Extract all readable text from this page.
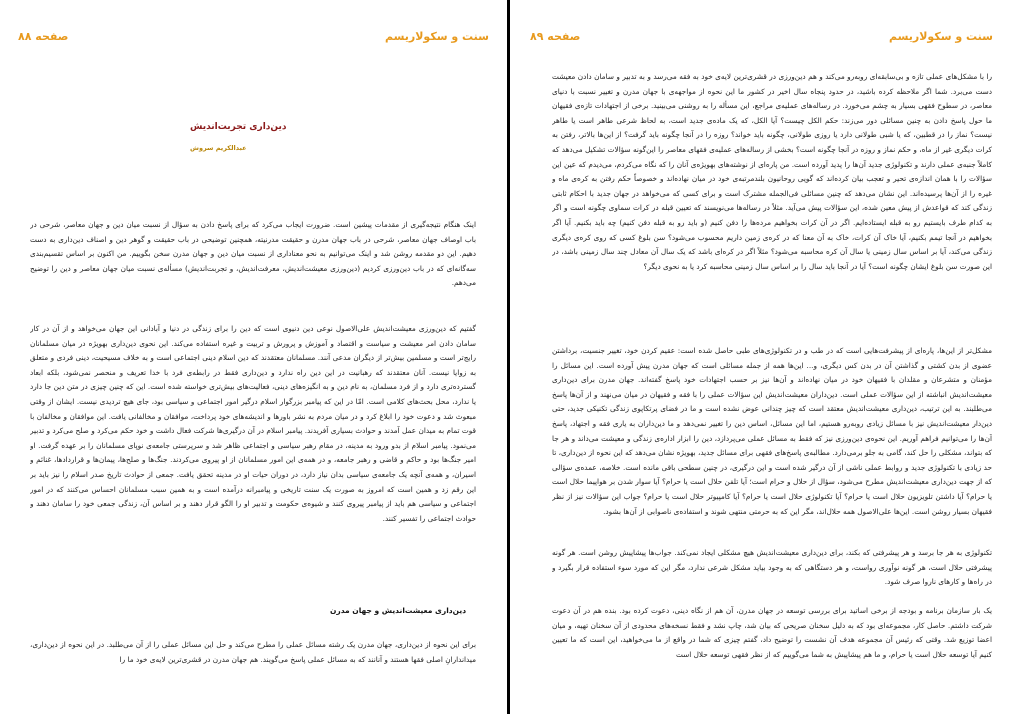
سنت و سکولاریسم
صفحه ۸۸
دین‌داری تجربت‌اندیش
عبدالکریم سروش

اینک هنگام نتیجه‌گیری از مقدمات پیشین است. ضرورت ایجاب می‌کرد که برای پاسخ دادن به سؤال از نسبت میان دین و جهان معاصر، شرحی در باب اوصاف جهان معاصر، شرحی در باب جهان مدرن و حقیقت مدرنیته، همچنین توضیحی در باب حقیقت و گوهر دین و اصناف دین‌داری به دست دهیم. این دو مقدمه روشن شد و اینک می‌توانیم به نحو معناداری از نسبت میان دین و جهان مدرن سخن بگوییم. من اکنون بر اساس تقسیم‌بندی سه‌گانه‌ای که در باب دین‌ورزی کردیم (دین‌ورزی معیشت‌اندیش، معرفت‌اندیش، و تجربت‌اندیش) مسأله‌ی نسبت میان جهان معاصر و دین را توضیح می‌دهم.

گفتیم که دین‌ورزی معیشت‌اندیش علی‌الاصول نوعی دین دنیوی است که دین را برای زندگی در دنیا و آبادانی این جهان می‌خواهد و از آن در کار سامان دادن امر معیشت و سیاست و اقتصاد و آموزش و پرورش و تربیت و غیره استفاده می‌کند. این نحوی دین‌داری بهویژه در میان مسلمانان رایج‌تر است و مسلمین بیش‌تر از دیگران مدعی آنند. مسلمانان معتقدند که دین اسلام دینی اجتماعی است و به خلاف مسیحیت، دینی فردی و متعلق به زوایا نیست. آنان معتقدند که رهبانیت در این دین راه ندارد و دین‌داری فقط در رابطه‌ی فرد با خدا تعریف و منحصر نمی‌شود، بلکه ابعاد گسترده‌تری دارد و از فرد مسلمان، به نام دین و به انگیزه‌های دینی، فعالیت‌های بیش‌تری خواسته شده است. این که چنین چیزی در متن دین جا دارد یا ندارد، محل بحث‌های کلامی است. امّا در این که پیامبر بزرگوار اسلام درگیر امور اجتماعی و سیاسی بود، جای هیچ تردیدی نیست. ایشان از وقتی مبعوث شد و دعوت خود را ابلاغ کرد و در میان مردم به نشر باورها و اندیشه‌های خود پرداخت، موافقان و مخالفانی یافت. این موافقان و مخالفان با قوت تمام به میدان عمل آمدند و حوادث بسیاری آفریدند. پیامبر اسلام در آن درگیری‌ها شرکت فعال داشت و خود حکم می‌کرد و صلح می‌کرد و تدبیر می‌نمود. پیامبر اسلام از بدو ورود به مدینه، در مقام رهبر سیاسی و اجتماعی ظاهر شد و سرپرستی جامعه‌ی نوپای مسلمانان را بر عهده گرفت. او امیر جنگ‌ها بود و حاکم و قاضی و رهبر جامعه، و در همه‌ی این امور مسلمانان از او پیروی می‌کردند. جنگ‌ها و صلح‌ها، پیمان‌ها و قراردادها، غنائم و اسیران، و همه‌ی آنچه یک جامعه‌ی سیاسی بدان نیاز دارد، در دوران حیات او در مدینه تحقق یافت. جمعی از حوادث تاریخ صدر اسلام را نیز باید بر این رقم زد و همین است که امروز به صورت یک سنت تاریخی و پیامبرانه درآمده است و به همین سبب مسلمانان احساس می‌کنند که در امور اجتماعی و سیاسی هم باید از پیامبر پیروی کنند و شیوه‌ی حکومت و تدبیر او را الگو قرار دهند و بر اساس آن، زندگی جمعی خود را سامان دهند و حوادث اجتماعی را تفسیر کنند.

دین‌داری معیشت‌اندیش و جهان مدرن

برای این نحوه از دین‌داری، جهان مدرن یک رشته مسائل عملی را مطرح می‌کند و حل این مسائل عملی را از آن می‌طلبد. در این نحوه از دین‌داری، میداندارانِ اصلی فقها هستند و آنانند که به مسائل عملی پاسخ می‌گویند. هم جهان مدرن در قشری‌ترین لایه‌ی خود ما را

سنت و سکولاریسم
صفحه ۸۹

را با مشکل‌های عملی تازه و بی‌سابقه‌ای روبه‌رو می‌کند و هم دین‌ورزی در قشری‌ترین لایه‌ی خود به فقه می‌رسد و به تدبیر و سامان دادن معیشت دست می‌برد. شما اگر ملاحظه کرده باشید، در حدود پنجاه سال اخیر در کشور ما این نحوه از مواجهه‌ی با جهان مدرن و تغییر نسبت با دنیای معاصر، در سطوح فقهی بسیار به چشم می‌خورد. در رساله‌های عملیه‌ی مراجع، این مسأله را به روشنی می‌بینید. برخی از اجتهادات تازه‌ی فقیهان ما حول پاسخ دادن به چنین مسائلی دور می‌زند: حکم الکل چیست؟ آیا الکل، که یک ماده‌ی جدید است، به لحاظ شرعی طاهر است یا طاهر نیست؟ نماز را در قطبین، که یا شبی طولانی دارد یا روزی طولانی، چگونه باید خواند؟ روزه را در آنجا چگونه باید گرفت؟ از این‌ها بالاتر، رفتن به کرات دیگری غیر از ماه، و حکم نماز و روزه در آنجا چگونه است؟ بخشی از رساله‌های عملیه‌ی فقهای معاصر را این‌گونه سؤالات تشکیل می‌دهد که کاملاً جنبه‌ی عملی دارند و تکنولوژی جدید آن‌ها را پدید آورده است. من پاره‌ای از نوشته‌های بهویژه‌ی آنان را که نگاه می‌کردم، می‌دیدم که عین این سؤالات را با همان اندازه‌ی تحیر و تعجب بیان کرده‌اند که گویی روحانیون بلندمرتبه‌ی خود در میان نهاده‌اند و خصوصاً حکم رفتن به کره‌ی ماه و غیره را از آن‌ها پرسیده‌اند. این نشان می‌دهد که چنین مسائلی فی‌الجمله مشترک است و برای کسی که می‌خواهد در جهان جدید با احکام ثابتی زندگی کند که قواعدش از پیش معین شده، این سؤالات پیش می‌آید. مثلاً در رساله‌ها می‌نویسند که تعیین قبله در کرات سماوی چگونه است و اگر به کدام طرف بایستیم رو به قبله ایستاده‌ایم. اگر در آن کرات بخواهیم مرده‌ها را دفن کنیم (و باید رو به قبله دفن کنیم) چه باید بکنیم. آیا اگر بخواهیم در آنجا تیمم بکنیم، آیا خاک آن کرات، خاک به آن معنا که در کره‌ی زمین داریم محسوب می‌شود؟ سن بلوغ کسی که روی کره‌ی دیگری زندگی می‌کند، آیا بر اساس سال زمینی یا سال آن کره محاسبه می‌شود؟ مثلاً اگر در کره‌ای باشد که یک سال آن معادل چند سال زمینی باشد، در این صورت سن بلوغ ایشان چگونه است؟ آیا در آنجا باید سال را بر اساس سال زمینی محاسبه کرد یا به نحوی دیگر؟

مشکل‌تر از این‌ها، پاره‌ای از پیشرفت‌هایی است که در طب و در تکنولوژی‌های طبی حاصل شده است: عقیم کردن خود، تغییر جنسیت، برداشتن عضوی از بدن کشتی و گذاشتن آن در بدن کس دیگری، و... این‌ها همه از جمله مسائلی است که جهان مدرن پیش آورده است. این مسائل را مؤمنان و متشرعان و مقلدان با فقیهان خود در میان نهاده‌اند و آن‌ها نیز بر حسب اجتهادات خود پاسخ گفته‌اند. جهان مدرن برای دین‌داری معیشت‌اندیش انباشته از این سؤالات عملی است. دین‌داران معیشت‌اندیش این سؤالات عملی را با فقه و فقیهان در میان می‌نهند و از آن‌ها پاسخ می‌طلبند. به این ترتیب، دین‌داری معیشت‌اندیش معتقد است که چیز چندانی عوض نشده است و ما در فضای پرتکاپوی زندگی تکنیکی جدید، حتی دین‌دار معیشت‌اندیش نیز با مسائل زیادی روبه‌رو هستیم، اما این مسائل، اساس دین را تغییر نمی‌دهد و ما دین‌داران به یاری فقه و اجتهاد، پاسخ آن‌ها را می‌توانیم فراهم آوریم. این نحوه‌ی دین‌ورزی نیز که فقط به مسائل عملی می‌پردازد، دین را ابزار اداره‌ی زندگی و معیشت می‌داند و هر جا که بتواند، مشکلی را حل کند، گامی به جلو برمی‌دارد. مطالبه‌ی پاسخ‌های فقهی برای مسائل جدید، بهویژه نشان می‌دهد که این نحوه از دین‌داری، تا حد زیادی با تکنولوژی جدید و روابط عملی ناشی از آن درگیر شده است و این درگیری، در چنین سطحی باقی مانده است. خلاصه، عمده‌ی سؤالی که از جهت دین‌داری معیشت‌اندیش مطرح می‌شود، سؤال از حلال و حرام است؛ آیا تلفن حلال است یا حرام؟ آیا سوار شدن بر هواپیما حلال است یا حرام؟ آیا داشتن تلویزیون حلال است یا حرام؟ آیا تکنولوژی حلال است یا حرام؟ آیا کامپیوتر حلال است یا حرام؟ جواب این سؤالات نیز از نظر فقیهان بسیار روشن است. این‌ها علی‌الاصول همه حلال‌اند، مگر این که به حرمتی منتهی شوند و استفاده‌ی ناصوابی از آن‌ها بشود.

تکنولوژی به هر جا برسد و هر پیشرفتی که بکند، برای دین‌داری معیشت‌اندیش هیچ مشکلی ایجاد نمی‌کند. جواب‌ها پیشاپیش روشن است. هر گونه پیشرفتی حلال است، هر گونه نوآوری رواست، و هر دستگاهی که به وجود بیاید مشکل شرعی ندارد، مگر این که مورد سوء استفاده قرار بگیرد و در راه‌ها و کارهای ناروا صرف شود.

یک بار سازمان برنامه و بودجه از برخی اساتید برای بررسی توسعه در جهان مدرن، آن هم از نگاه دینی، دعوت کرده بود. بنده هم در آن دعوت شرکت داشتم. حاصل کار، مجموعه‌ای بود که به دلیل سخنان صریحی که بیان شد، چاپ نشد و فقط نسخه‌های محدودی از آن سخنان تهیه، و میان اعضا توزیع شد. وقتی که رئیس آن مجموعه هدف آن نشست را توضیح داد، گفتم چیزی که شما در واقع از ما می‌خواهید، این است که ما تعیین کنیم آیا توسعه حلال است یا حرام، و ما هم پیشاپیش به شما می‌گوییم که از نظر فقهی توسعه حلال است
